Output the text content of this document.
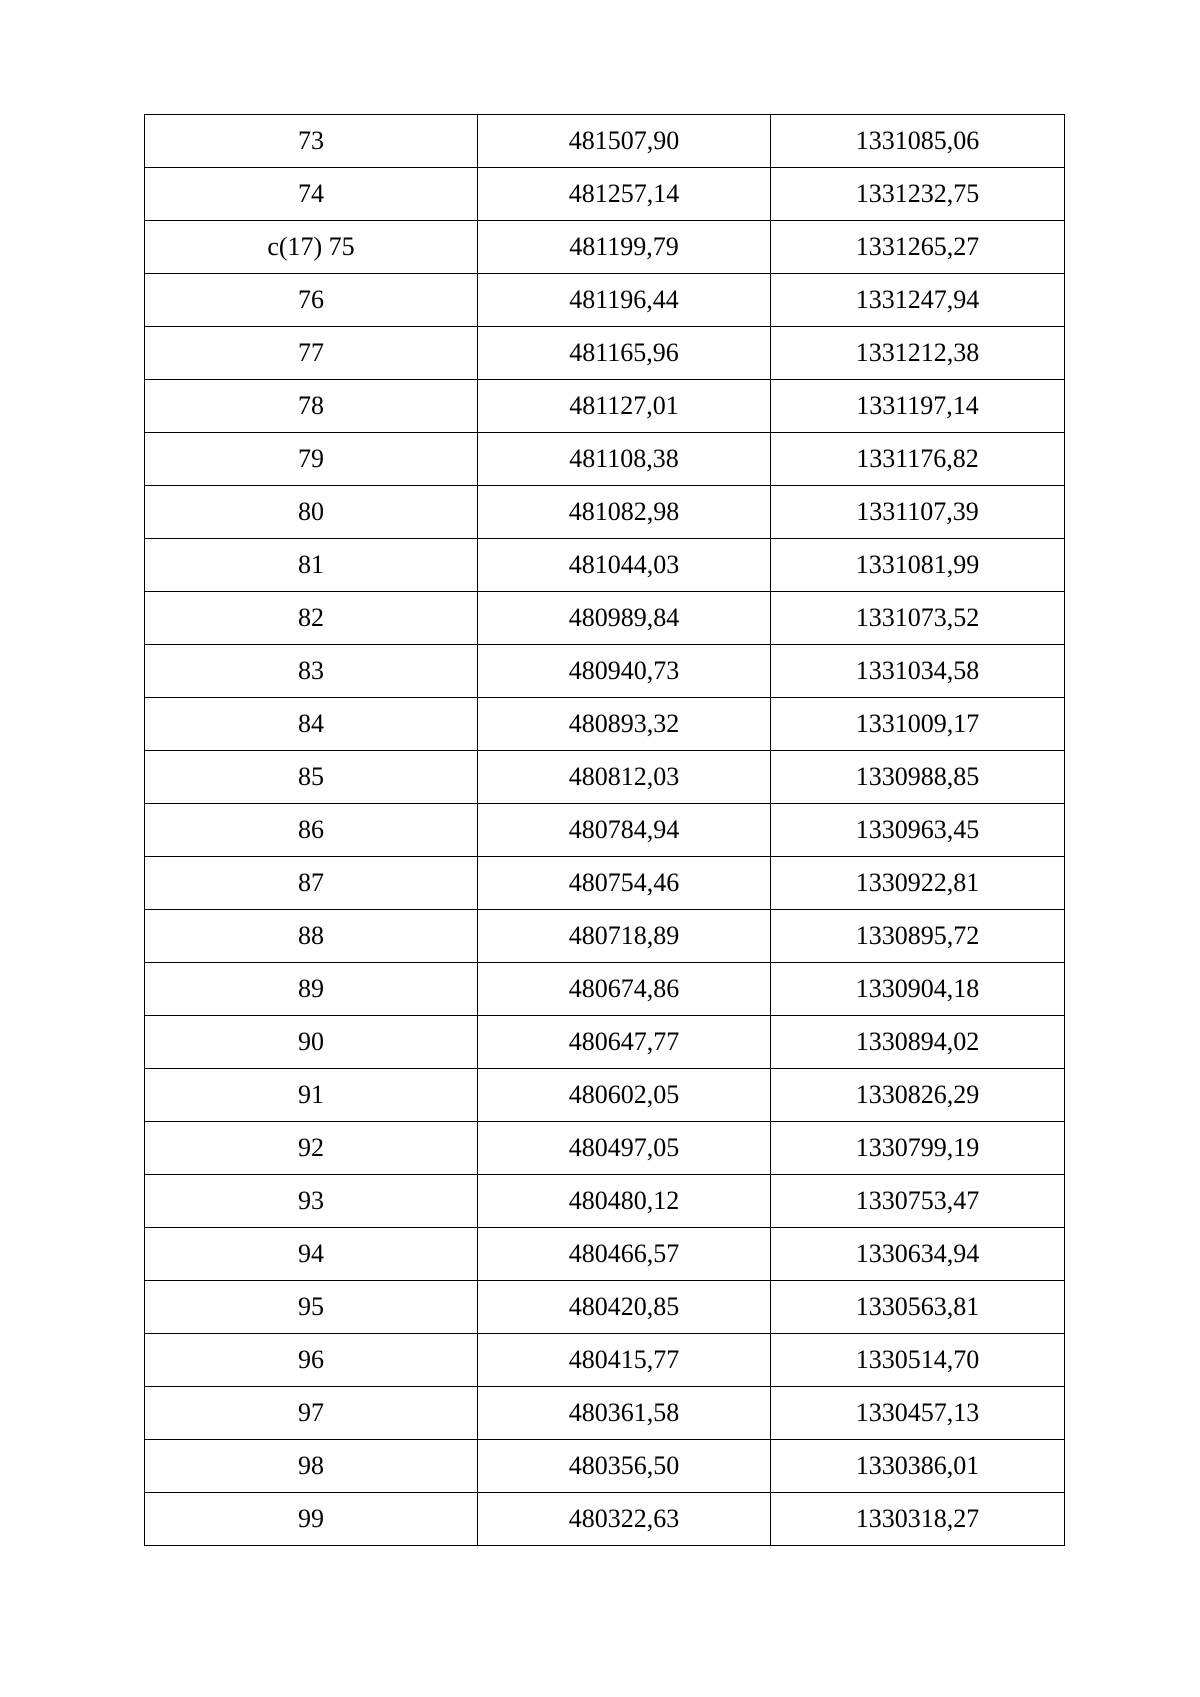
73	481507,90	1331085,06
74	481257,14	1331232,75
c(17) 75	481199,79	1331265,27
76	481196,44	1331247,94
77	481165,96	1331212,38
78	481127,01	1331197,14
79	481108,38	1331176,82
80	481082,98	1331107,39
81	481044,03	1331081,99
82	480989,84	1331073,52
83	480940,73	1331034,58
84	480893,32	1331009,17
85	480812,03	1330988,85
86	480784,94	1330963,45
87	480754,46	1330922,81
88	480718,89	1330895,72
89	480674,86	1330904,18
90	480647,77	1330894,02
91	480602,05	1330826,29
92	480497,05	1330799,19
93	480480,12	1330753,47
94	480466,57	1330634,94
95	480420,85	1330563,81
96	480415,77	1330514,70
97	480361,58	1330457,13
98	480356,50	1330386,01
99	480322,63	1330318,27
